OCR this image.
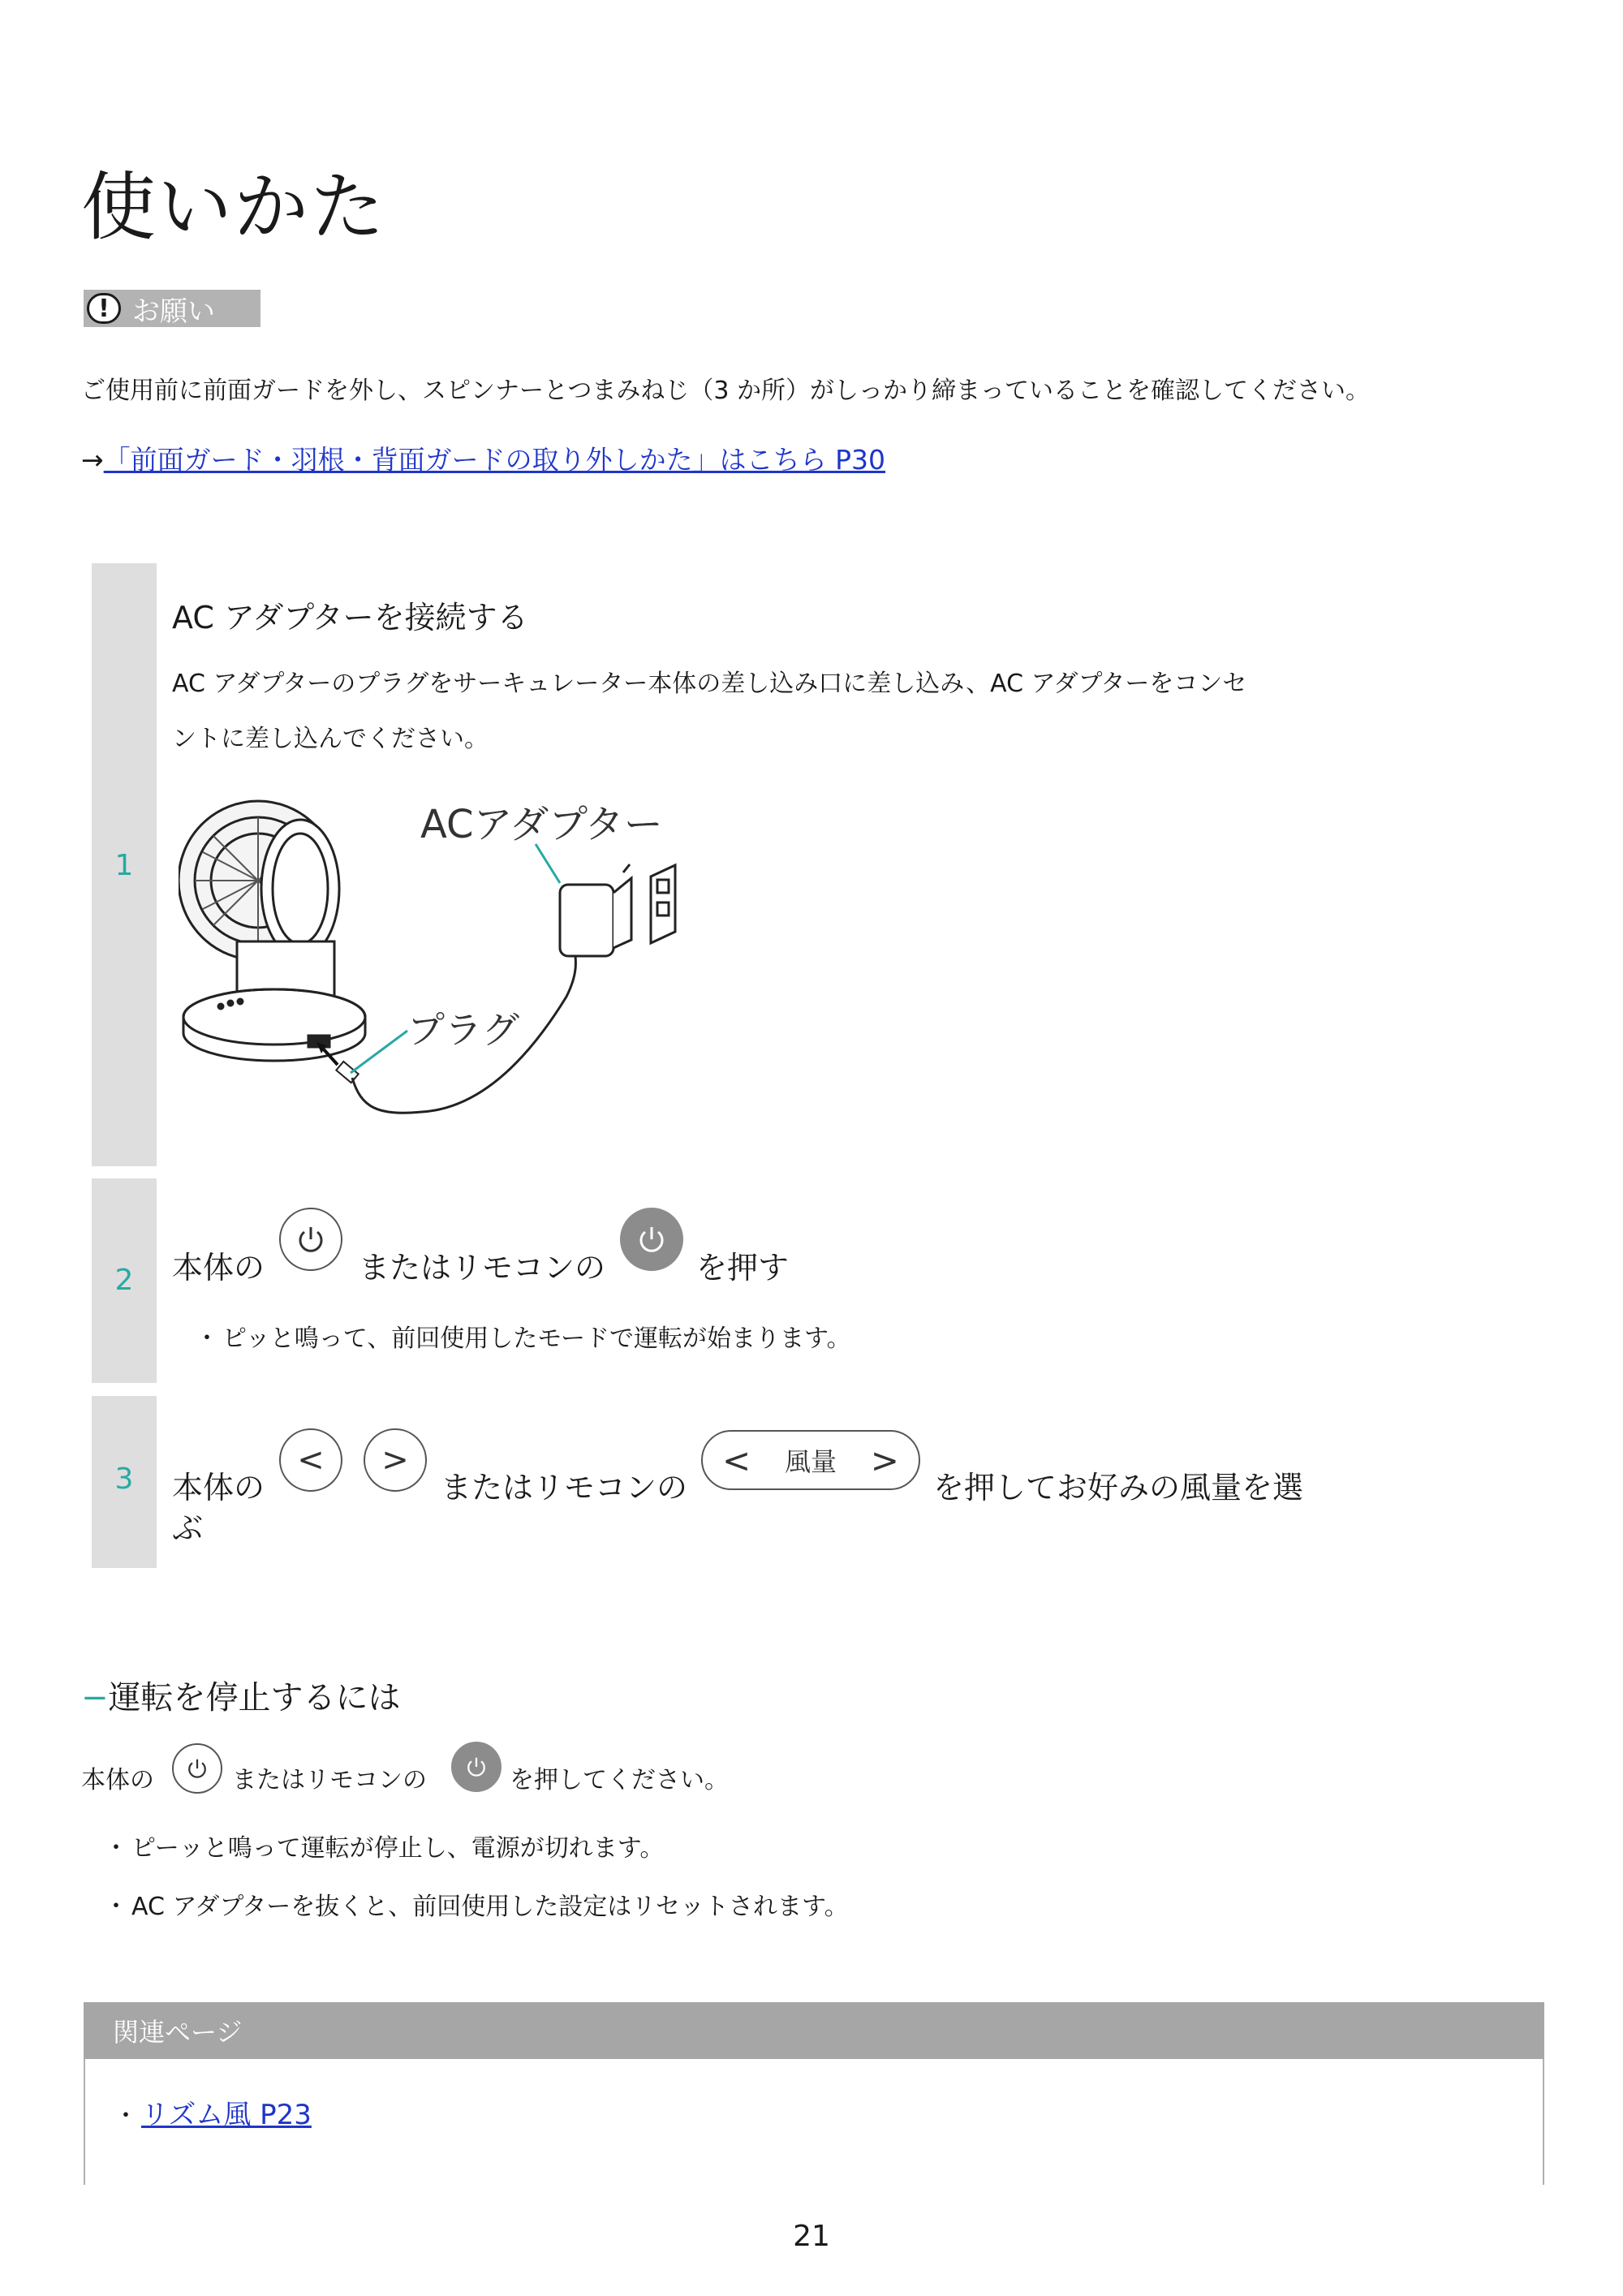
使いかた
! お願い
ご使用前に前面ガードを外し、スピンナーとつまみねじ（3 か所）がしっかり締まっていることを確認してください。
→「前面ガード・羽根・背面ガードの取り外しかた」はこちら P30
1
AC アダプターを接続する
AC アダプターのプラグをサーキュレーター本体の差し込み口に差し込み、AC アダプターをコンセ
ントに差し込んでください。
ACアダプター
プラグ
2	本体の	またはリモコンの	を押す
・ ピッと鳴って、前回使用したモードで運転が始まります。
3	本体の
< >
またはリモコンの
< 風量 >
を押してお好みの風量を選
ぶ
−運転を停止するには
本体の	またはリモコンの	を押してください。
・ ピーッと鳴って運転が停止し、電源が切れます。
・ AC アダプターを抜くと、前回使用した設定はリセットされます。
関連ページ
・ リズム風 P23
21
